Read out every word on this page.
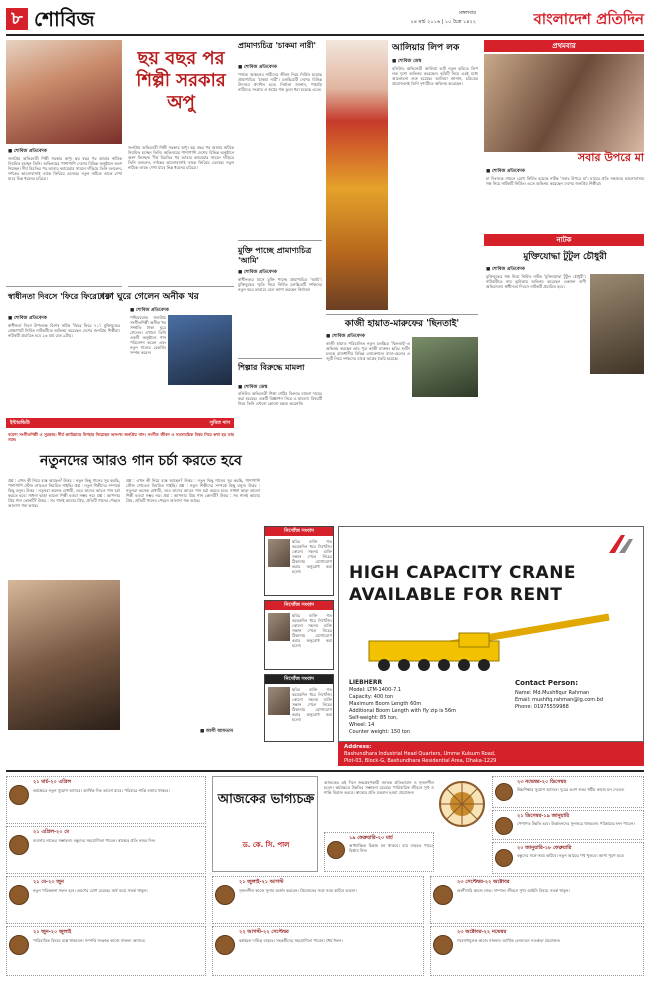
৮ শোবিজ	মঙ্গলবার
২৪ মার্চ ২০১৬ | ১০ চৈত্র ১৪২২	বাংলাদেশ প্রতিদিন
ছয় বছর পর শিল্পী সরকার অপু
■ শোবিজ প্রতিবেদক
জনপ্রিয় অভিনেত্রী শিল্পী সরকার অপু। ছয় বছর পর আবার নাটকে নিয়মিত হচ্ছেন তিনি। অভিনয়ের পাশাপাশি দেশের বিভিন্ন অনুষ্ঠানে অংশ নিচ্ছেন। দীর্ঘ বিরতির পর আবার ক্যামেরার সামনে দাঁড়িয়ে তিনি বললেন, দর্শকের ভালোবাসাই তাকে ফিরিয়ে এনেছে। নতুন নাটকে তাকে দেখা যাবে ভিন্ন ধরনের চরিত্রে।
জনপ্রিয় অভিনেত্রী শিল্পী সরকার অপু। ছয় বছর পর আবার নাটকে নিয়মিত হচ্ছেন তিনি। অভিনয়ের পাশাপাশি দেশের বিভিন্ন অনুষ্ঠানে অংশ নিচ্ছেন। দীর্ঘ বিরতির পর আবার ক্যামেরার সামনে দাঁড়িয়ে তিনি বললেন, দর্শকের ভালোবাসাই তাকে ফিরিয়ে এনেছে। নতুন নাটকে তাকে দেখা যাবে ভিন্ন ধরনের চরিত্রে।
স্বাধীনতা দিবসে 'ফিরে ফিরে ৭১'
■ শোবিজ প্রতিবেদক
স্বাধীনতা দিবস উপলক্ষে বিশেষ নাটক 'ফিরে ফিরে ৭১'। মুক্তিযুদ্ধের প্রেক্ষাপটে নির্মিত নাটকটিতে অভিনয় করেছেন দেশের জনপ্রিয় শিল্পীরা। নাটকটি প্রচারিত হবে ২৬ মার্চ রাত ৯টায়।
ঢাকা ঘুরে গেলেন অনীক খর
■ শোবিজ প্রতিবেদক
পশ্চিমবঙ্গের জনপ্রিয় সংগীতশিল্পী অনীক খর সম্প্রতি ঢাকা ঘুরে গেলেন। এখানে তিনি একটি অনুষ্ঠানে গান পরিবেশন করেন এবং নতুন গানের রেকর্ডিং সম্পন্ন করেন।
প্রামাণ্যচিত্র 'চাকমা নারী'
■ শোবিজ প্রতিবেদক
পার্বত্য অঞ্চলের নারীদের জীবন নিয়ে নির্মিত হয়েছে প্রামাণ্যচিত্র 'চাকমা নারী'। চলচ্চিত্রটি দেশের বিভিন্ন উৎসবে প্রদর্শিত হবে। নির্মাতা জানান, পাহাড়ি নারীদের সংগ্রাম ও স্বপ্নের গল্প তুলে ধরা হয়েছে এতে।
মুক্তি পাচ্ছে প্রামাণ্যচিত্র 'আমি'
■ শোবিজ প্রতিবেদক
স্বাধীনতার মাসে মুক্তি পাচ্ছে প্রামাণ্যচিত্র 'আমি'। মুক্তিযুদ্ধের স্মৃতি নিয়ে নির্মিত চলচ্চিত্রটি দর্শকদের নতুন করে ভাবাবে বলে আশা করছেন নির্মাতা।
শিল্পার বিরুদ্ধে মামলা
■ শোবিজ ডেস্ক
বলিউড অভিনেত্রী শিল্পা শেঠির বিরুদ্ধে মামলা দায়ের করা হয়েছে। একটি বিজ্ঞাপন নিয়ে এ মামলা। বিষয়টি নিয়ে তিনি এখনো কোনো মন্তব্য করেননি।
আলিয়ার লিপ লক
■ শোবিজ ডেস্ক
বলিউড অভিনেত্রী আলিয়া ভাট নতুন ছবিতে লিপ লক দৃশ্যে অভিনয় করেছেন। ছবিটি নিয়ে এরই মধ্যে আলোচনা শুরু হয়েছে। আলিয়া জানান, চরিত্রের প্রয়োজনেই তিনি দৃশ্যটিতে অভিনয় করেছেন।
কাজী হায়াত-মারুফের 'ছিনতাই'
■ শোবিজ প্রতিবেদক
কাজী হায়াত পরিচালিত নতুন চলচ্চিত্র 'ছিনতাই'-এ অভিনয় করছেন তার পুত্র কাজী মারুফ। ছবির শুটিং চলছে রাজধানীর বিভিন্ন লোকেশনে। বাবা-ছেলের এ জুটি নিয়ে দর্শকদের মাঝে আগ্রহ তৈরি হয়েছে।
প্রথমবার
সবার উপরে মা
■ শোবিজ প্রতিবেদক
মা দিবসকে সামনে রেখে নির্মিত হয়েছে নাটক 'সবার উপরে মা'। মায়ের প্রতি সন্তানের ভালোবাসার গল্প নিয়ে নাটকটি নির্মিত। এতে অভিনয় করেছেন দেশের জনপ্রিয় শিল্পীরা।
নাটক
মুক্তিযোদ্ধা টুটুল চৌধুরী
■ শোবিজ প্রতিবেদক
মুক্তিযুদ্ধের গল্প নিয়ে নির্মিত নাটক 'মুক্তিযোদ্ধা টুটুল চৌধুরী'। নাটকটিতে নাম ভূমিকায় অভিনয় করেছেন একজন গুণী অভিনেতা। স্বাধীনতা দিবসে নাটকটি প্রচারিত হবে।
ইন্টারভিউ	সুমিত দাস
বরেণ্য সংগীতশিল্পী ও সুরকার। দীর্ঘ ক্যারিয়ারে উপহার দিয়েছেন অসংখ্য জনপ্রিয় গান। সংগীত জীবন ও সমসাময়িক বিষয় নিয়ে কথা হয় তার সঙ্গে।
নতুনদের আরও গান চর্চা করতে হবে
প্রশ্ন : এখন কী নিয়ে ব্যস্ত আছেন? উত্তর : নতুন কিছু গানের সুর করছি, পাশাপাশি স্টেজ শোতেও নিয়মিত গাইছি। প্রশ্ন : নতুন শিল্পীদের সম্পর্কে কিছু বলুন। উত্তর : নতুনরা অনেক মেধাবী, তবে তাদের আরও গান চর্চা করতে হবে। সাধনা ছাড়া ভালো শিল্পী হওয়া সম্ভব নয়। প্রশ্ন : আপনার প্রিয় গান কোনটি? উত্তর : সব গানই আমার প্রিয়, প্রতিটি গানের পেছনে আলাদা গল্প আছে।
প্রশ্ন : এখন কী নিয়ে ব্যস্ত আছেন? উত্তর : নতুন কিছু গানের সুর করছি, পাশাপাশি স্টেজ শোতেও নিয়মিত গাইছি। প্রশ্ন : নতুন শিল্পীদের সম্পর্কে কিছু বলুন। উত্তর : নতুনরা অনেক মেধাবী, তবে তাদের আরও গান চর্চা করতে হবে। সাধনা ছাড়া ভালো শিল্পী হওয়া সম্ভব নয়। প্রশ্ন : আপনার প্রিয় গান কোনটি? উত্তর : সব গানই আমার প্রিয়, প্রতিটি গানের পেছনে আলাদা গল্প আছে।
■ আলী আফতাব
নিখোঁজ সংবাদ
ছবির ব্যক্তি গত কয়েকদিন ধরে নিখোঁজ। কোনো সহৃদয় ব্যক্তি সন্ধান পেলে নিচের ঠিকানায় যোগাযোগ করার অনুরোধ করা হলো।
নিখোঁজ সংবাদ
ছবির ব্যক্তি গত কয়েকদিন ধরে নিখোঁজ। কোনো সহৃদয় ব্যক্তি সন্ধান পেলে নিচের ঠিকানায় যোগাযোগ করার অনুরোধ করা হলো।
নিখোঁজ সংবাদ
ছবির ব্যক্তি গত কয়েকদিন ধরে নিখোঁজ। কোনো সহৃদয় ব্যক্তি সন্ধান পেলে নিচের ঠিকানায় যোগাযোগ করার অনুরোধ করা হলো।
HIGH CAPACITY CRANE
AVAILABLE FOR RENT
LIEBHERR
Model: LTM-1400-7.1
Capacity: 400 ton
Maximum Boom Length 60m
Additional Boom Length with fly zip is 56m
Self-weight: 85 ton,
Wheel: 14
Counter weight: 150 ton
Contact Person:
Name: Md.Mushfiqur Rahman
Email: mushfiq.rahman@lg.com.bd
Phone: 01975559988
Address:
Bashundhara Industrial Head Quarters, Umme Kulsum Road,
Plot-03, Block-G, Bashundhara Residential Area, Dhaka-1229
২১ মার্চ-২০ এপ্রিল
কর্মক্ষেত্রে নতুন সুযোগ আসবে। আর্থিক দিক ভালো যাবে। পরিবারে শান্তি বজায় থাকবে।
২১ এপ্রিল-২০ মে
ব্যবসায় লাভের সম্ভাবনা। বন্ধুদের সহযোগিতা পাবেন। স্বাস্থ্যের প্রতি নজর দিন।
২১ মে-২০ জুন
নতুন পরিকল্পনা সফল হবে। ভ্রমণের যোগ রয়েছে। অর্থ ব্যয়ে সতর্ক থাকুন।
২১ জুন-২০ জুলাই
পারিবারিক বিষয়ে ব্যস্ত থাকবেন। সম্পত্তি সংক্রান্ত কাজে সাফল্য আসবে।
আজকের ভাগ্যচক্র
ড. কে. সি. পাল
আজকের এই দিনে জন্মগ্রহণকারী জাতক প্রতিভাবান ও সৃজনশীল হবেন। কর্মক্ষেত্রে উন্নতির সম্ভাবনা রয়েছে। পারিবারিক জীবনে সুখ ও শান্তি বিরাজ করবে। স্বাস্থ্যের প্রতি যত্নবান হওয়া প্রয়োজন।
২১ জুলাই-২১ আগস্ট
সৃজনশীল কাজে সুনাম অর্জন করবেন। প্রিয়জনের সঙ্গে সময় কাটবে ভালো।
২২ আগস্ট-২২ সেপ্টেম্বর
কর্মস্থলে দায়িত্ব বাড়বে। সহকর্মীদের সহযোগিতা পাবেন। ধৈর্য ধরুন।
২৩ সেপ্টেম্বর-২২ অক্টোবর
অংশীদারি কাজে লাভ। দাম্পত্য জীবনে সুখ। আইনি বিষয়ে সতর্ক থাকুন।
২৩ অক্টোবর-২২ নভেম্বর
গবেষণামূলক কাজে সাফল্য। আর্থিক লেনদেনে সতর্কতা প্রয়োজন।
২৩ নভেম্বর-২০ ডিসেম্বর
উচ্চশিক্ষার সুযোগ আসবে। দূরের ভ্রমণ শুভ। ধর্মীয় কাজে মন দেবেন।
২১ ডিসেম্বর-১৯ জানুয়ারি
পেশাগত উন্নতি হবে। উর্ধ্বতনদের সুনজরে থাকবেন। পরিশ্রমের ফল পাবেন।
২০ জানুয়ারি-১৮ ফেব্রুয়ারি
বন্ধুদের সঙ্গে সময় কাটবে। নতুন আয়ের পথ খুলবে। আশা পূরণ হবে।
১৯ ফেব্রুয়ারি-২০ মার্চ
আধ্যাত্মিক চিন্তায় মন থাকবে। ব্যয় বাড়তে পারে। বিশ্রাম নিন।
